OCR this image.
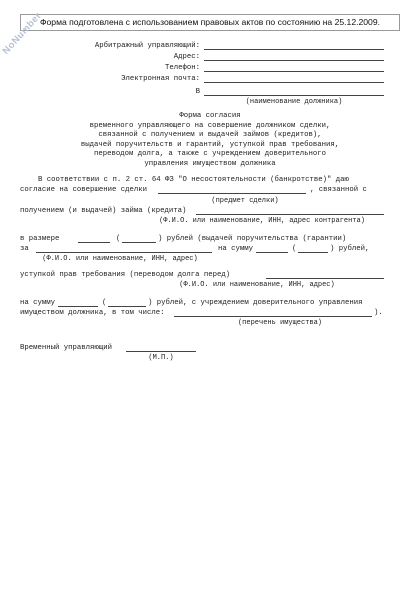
Форма подготовлена с использованием правовых актов по состоянию на 25.12.2009.
NoNumber	Арбитражный управляющий:
Адрес:
Телефон:
Электронная почта:
В
(наименование должника)
Форма согласия
временного управляющего на совершение должником сделки,
связанной с получением и выдачей займов (кредитов),
выдачей поручительств и гарантий, уступкой прав требования,
переводом долга, а также с учреждением доверительного
управления имуществом должника
В соответствии с п. 2 ст. 64 ФЗ "О несостоятельности (банкротстве)" даю
согласие на совершение сделки	, связанной с
(предмет сделки)
получением (и выдачей) займа (кредита)
(Ф.И.О. или наименование, ИНН, адрес контрагента)
в размере	(	) рублей (выдачей поручительства (гарантии)
за	на сумму	(	) рублей,
(Ф.И.О. или наименование, ИНН, адрес)
уступкой прав требования (переводом долга перед)
(Ф.И.О. или наименование, ИНН, адрес)
на сумму	(	) рублей, с учреждением доверительного управления
имуществом должника, в том числе:	).
(перечень имущества)
Временный управляющий
(М.П.)
